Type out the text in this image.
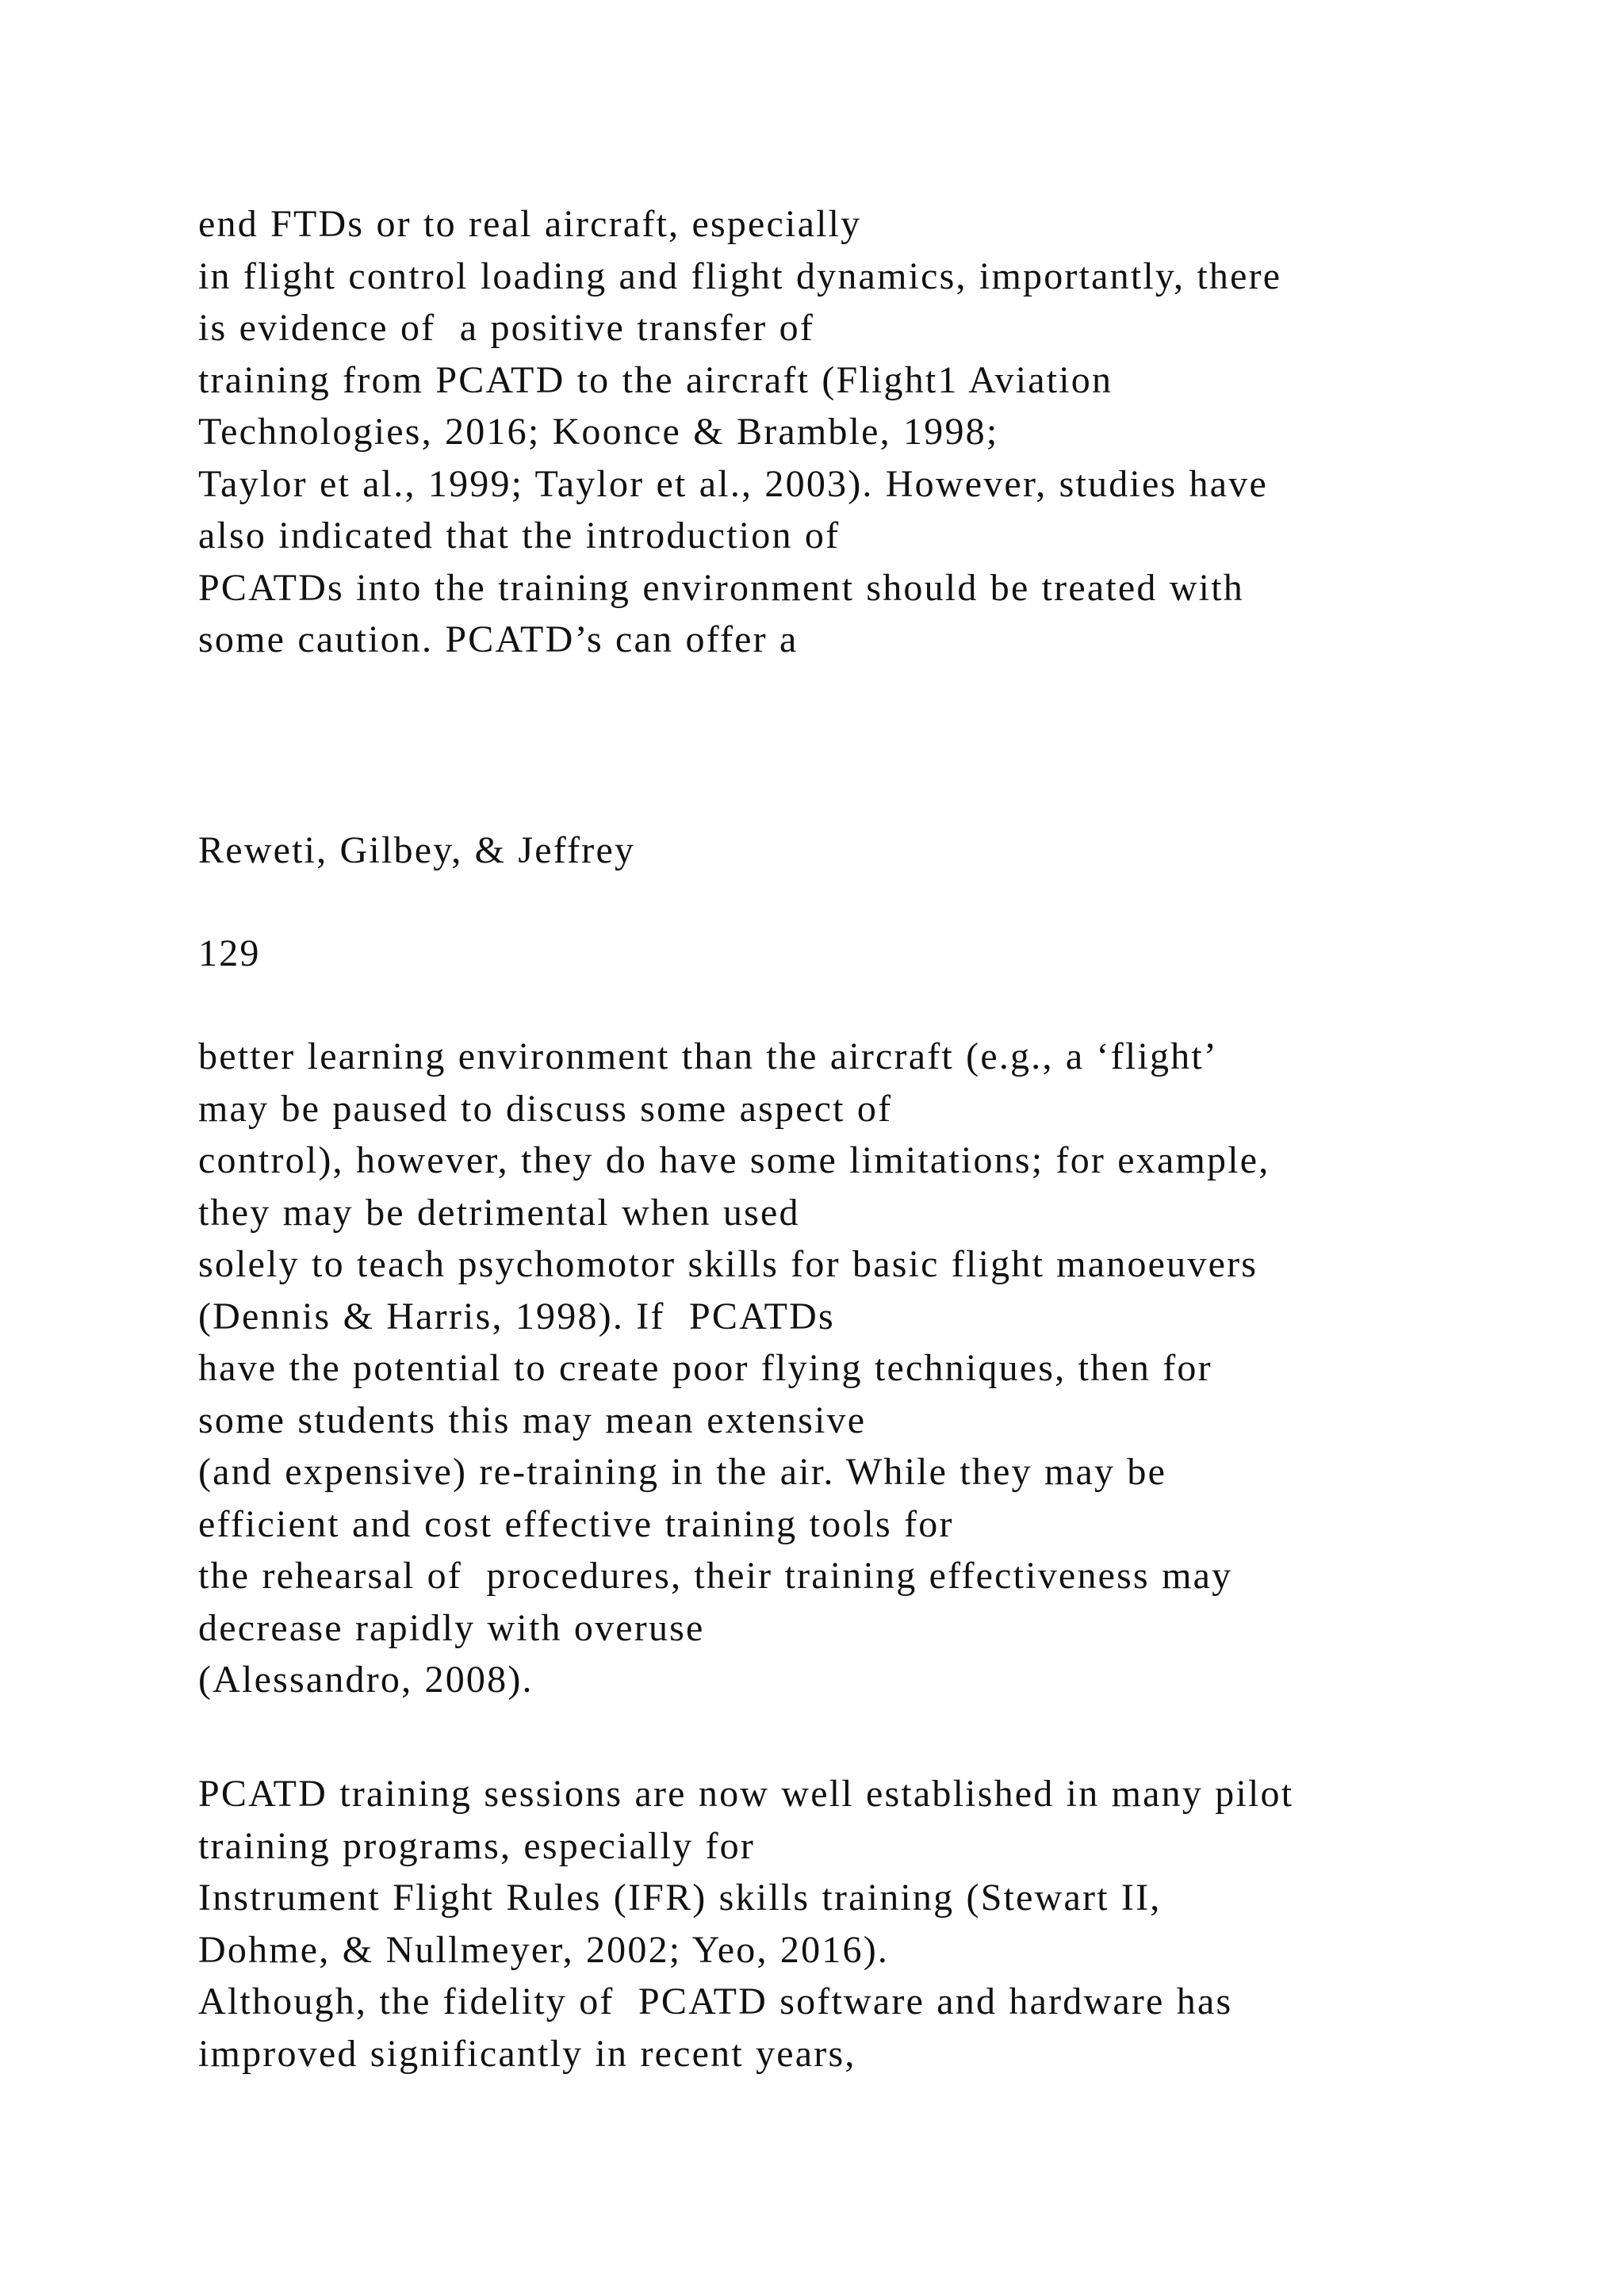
end FTDs or to real aircraft, especially
in flight control loading and flight dynamics, importantly, there
is evidence of  a positive transfer of
training from PCATD to the aircraft (Flight1 Aviation
Technologies, 2016; Koonce & Bramble, 1998;
Taylor et al., 1999; Taylor et al., 2003). However, studies have
also indicated that the introduction of
PCATDs into the training environment should be treated with
some caution. PCATD’s can offer a

Reweti, Gilbey, & Jeffrey

129

better learning environment than the aircraft (e.g., a ‘flight’
may be paused to discuss some aspect of
control), however, they do have some limitations; for example,
they may be detrimental when used
solely to teach psychomotor skills for basic flight manoeuvers
(Dennis & Harris, 1998). If  PCATDs
have the potential to create poor flying techniques, then for
some students this may mean extensive
(and expensive) re-training in the air. While they may be
efficient and cost effective training tools for
the rehearsal of  procedures, their training effectiveness may
decrease rapidly with overuse
(Alessandro, 2008).

PCATD training sessions are now well established in many pilot
training programs, especially for
Instrument Flight Rules (IFR) skills training (Stewart II,
Dohme, & Nullmeyer, 2002; Yeo, 2016).
Although, the fidelity of  PCATD software and hardware has
improved significantly in recent years,
